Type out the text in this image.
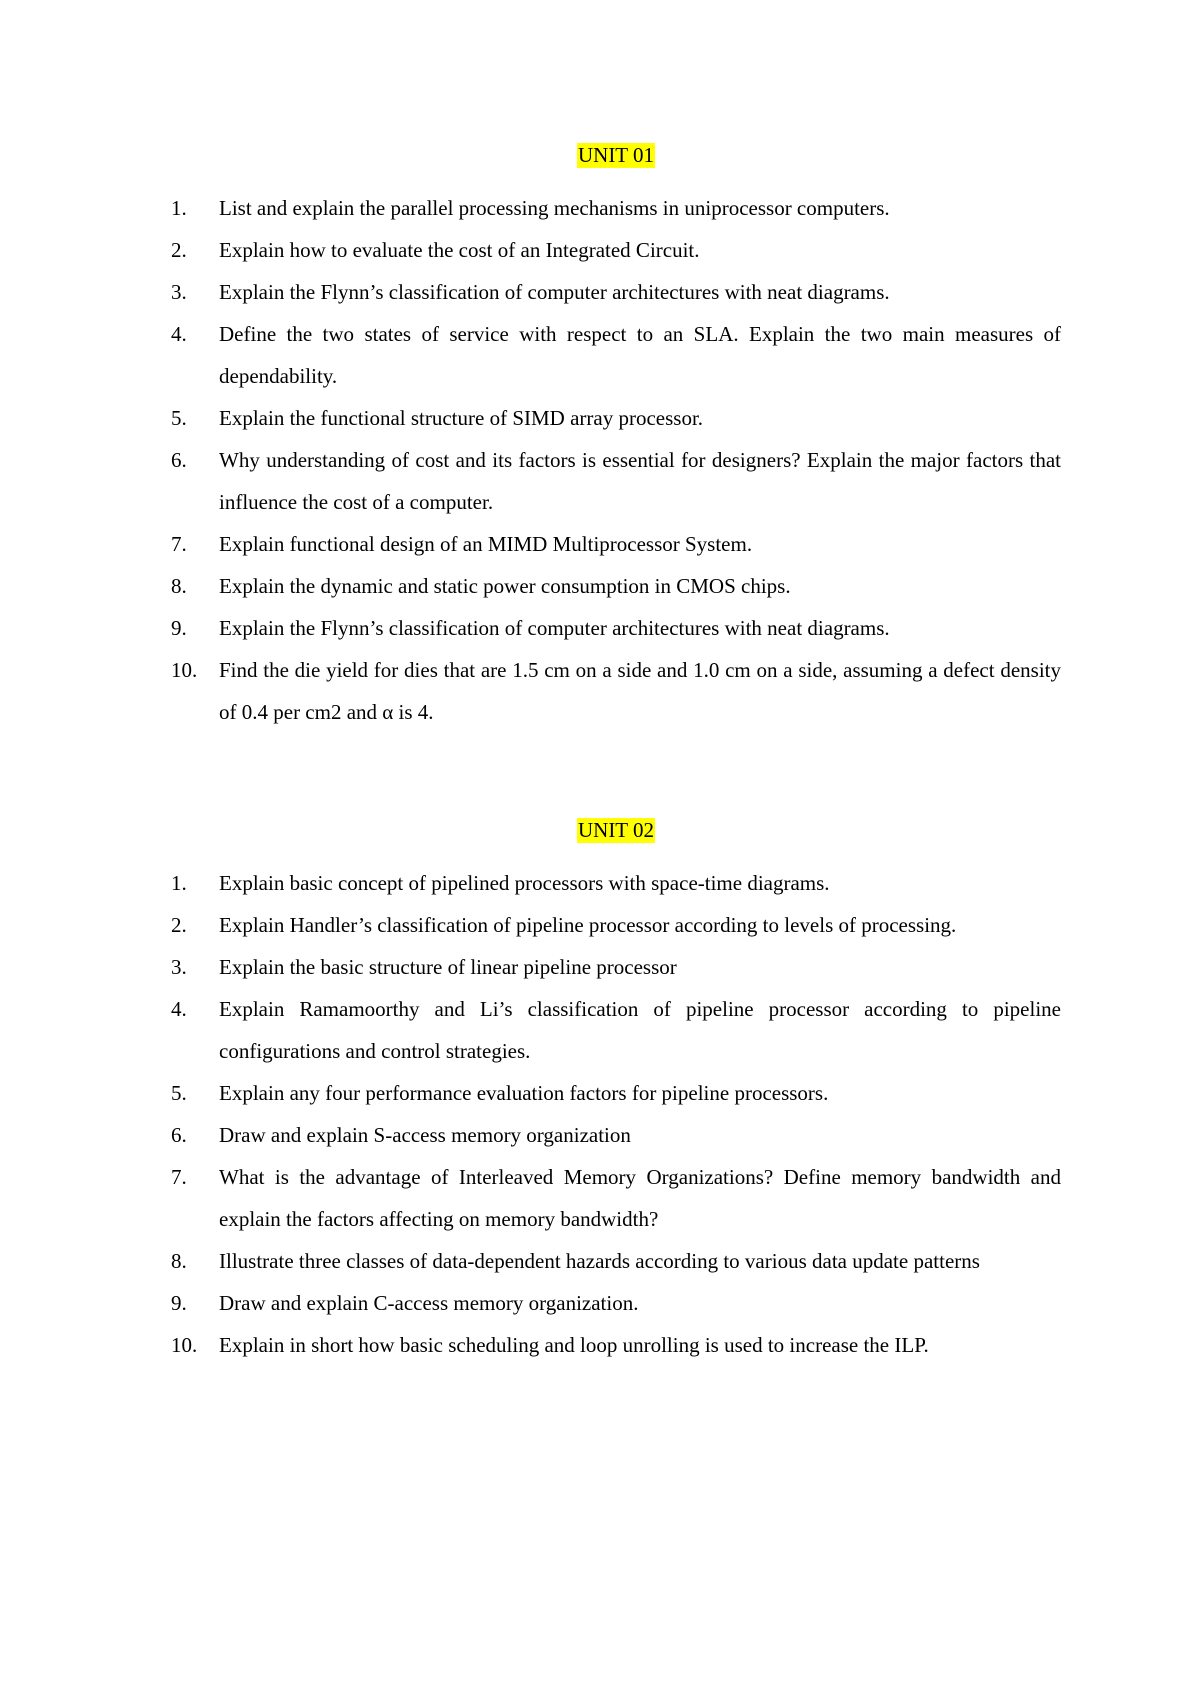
UNIT 01
1.	List and explain the parallel processing mechanisms in uniprocessor computers.
2.	Explain how to evaluate the cost of an Integrated Circuit.
3.	Explain the Flynn’s classification of computer architectures with neat diagrams.
4.	Define the two states of service with respect to an SLA. Explain the two main measures of dependability.
5.	Explain the functional structure of SIMD array processor.
6.	Why understanding of cost and its factors is essential for designers? Explain the major factors that influence the cost of a computer.
7.	Explain functional design of an MIMD Multiprocessor System.
8.	Explain the dynamic and static power consumption in CMOS chips.
9.	Explain the Flynn’s classification of computer architectures with neat diagrams.
10.	Find the die yield for dies that are 1.5 cm on a side and 1.0 cm on a side, assuming a defect density of 0.4 per cm2 and α is 4.
UNIT 02
1.	Explain basic concept of pipelined processors with space-time diagrams.
2.	Explain Handler’s classification of pipeline processor according to levels of processing.
3.	Explain the basic structure of linear pipeline processor
4.	Explain Ramamoorthy and Li’s classification of pipeline processor according to pipeline configurations and control strategies.
5.	Explain any four performance evaluation factors for pipeline processors.
6.	Draw and explain S-access memory organization
7.	What is the advantage of Interleaved Memory Organizations? Define memory bandwidth and explain the factors affecting on memory bandwidth?
8.	Illustrate three classes of data-dependent hazards according to various data update patterns
9.	Draw and explain C-access memory organization.
10.	Explain in short how basic scheduling and loop unrolling is used to increase the ILP.
